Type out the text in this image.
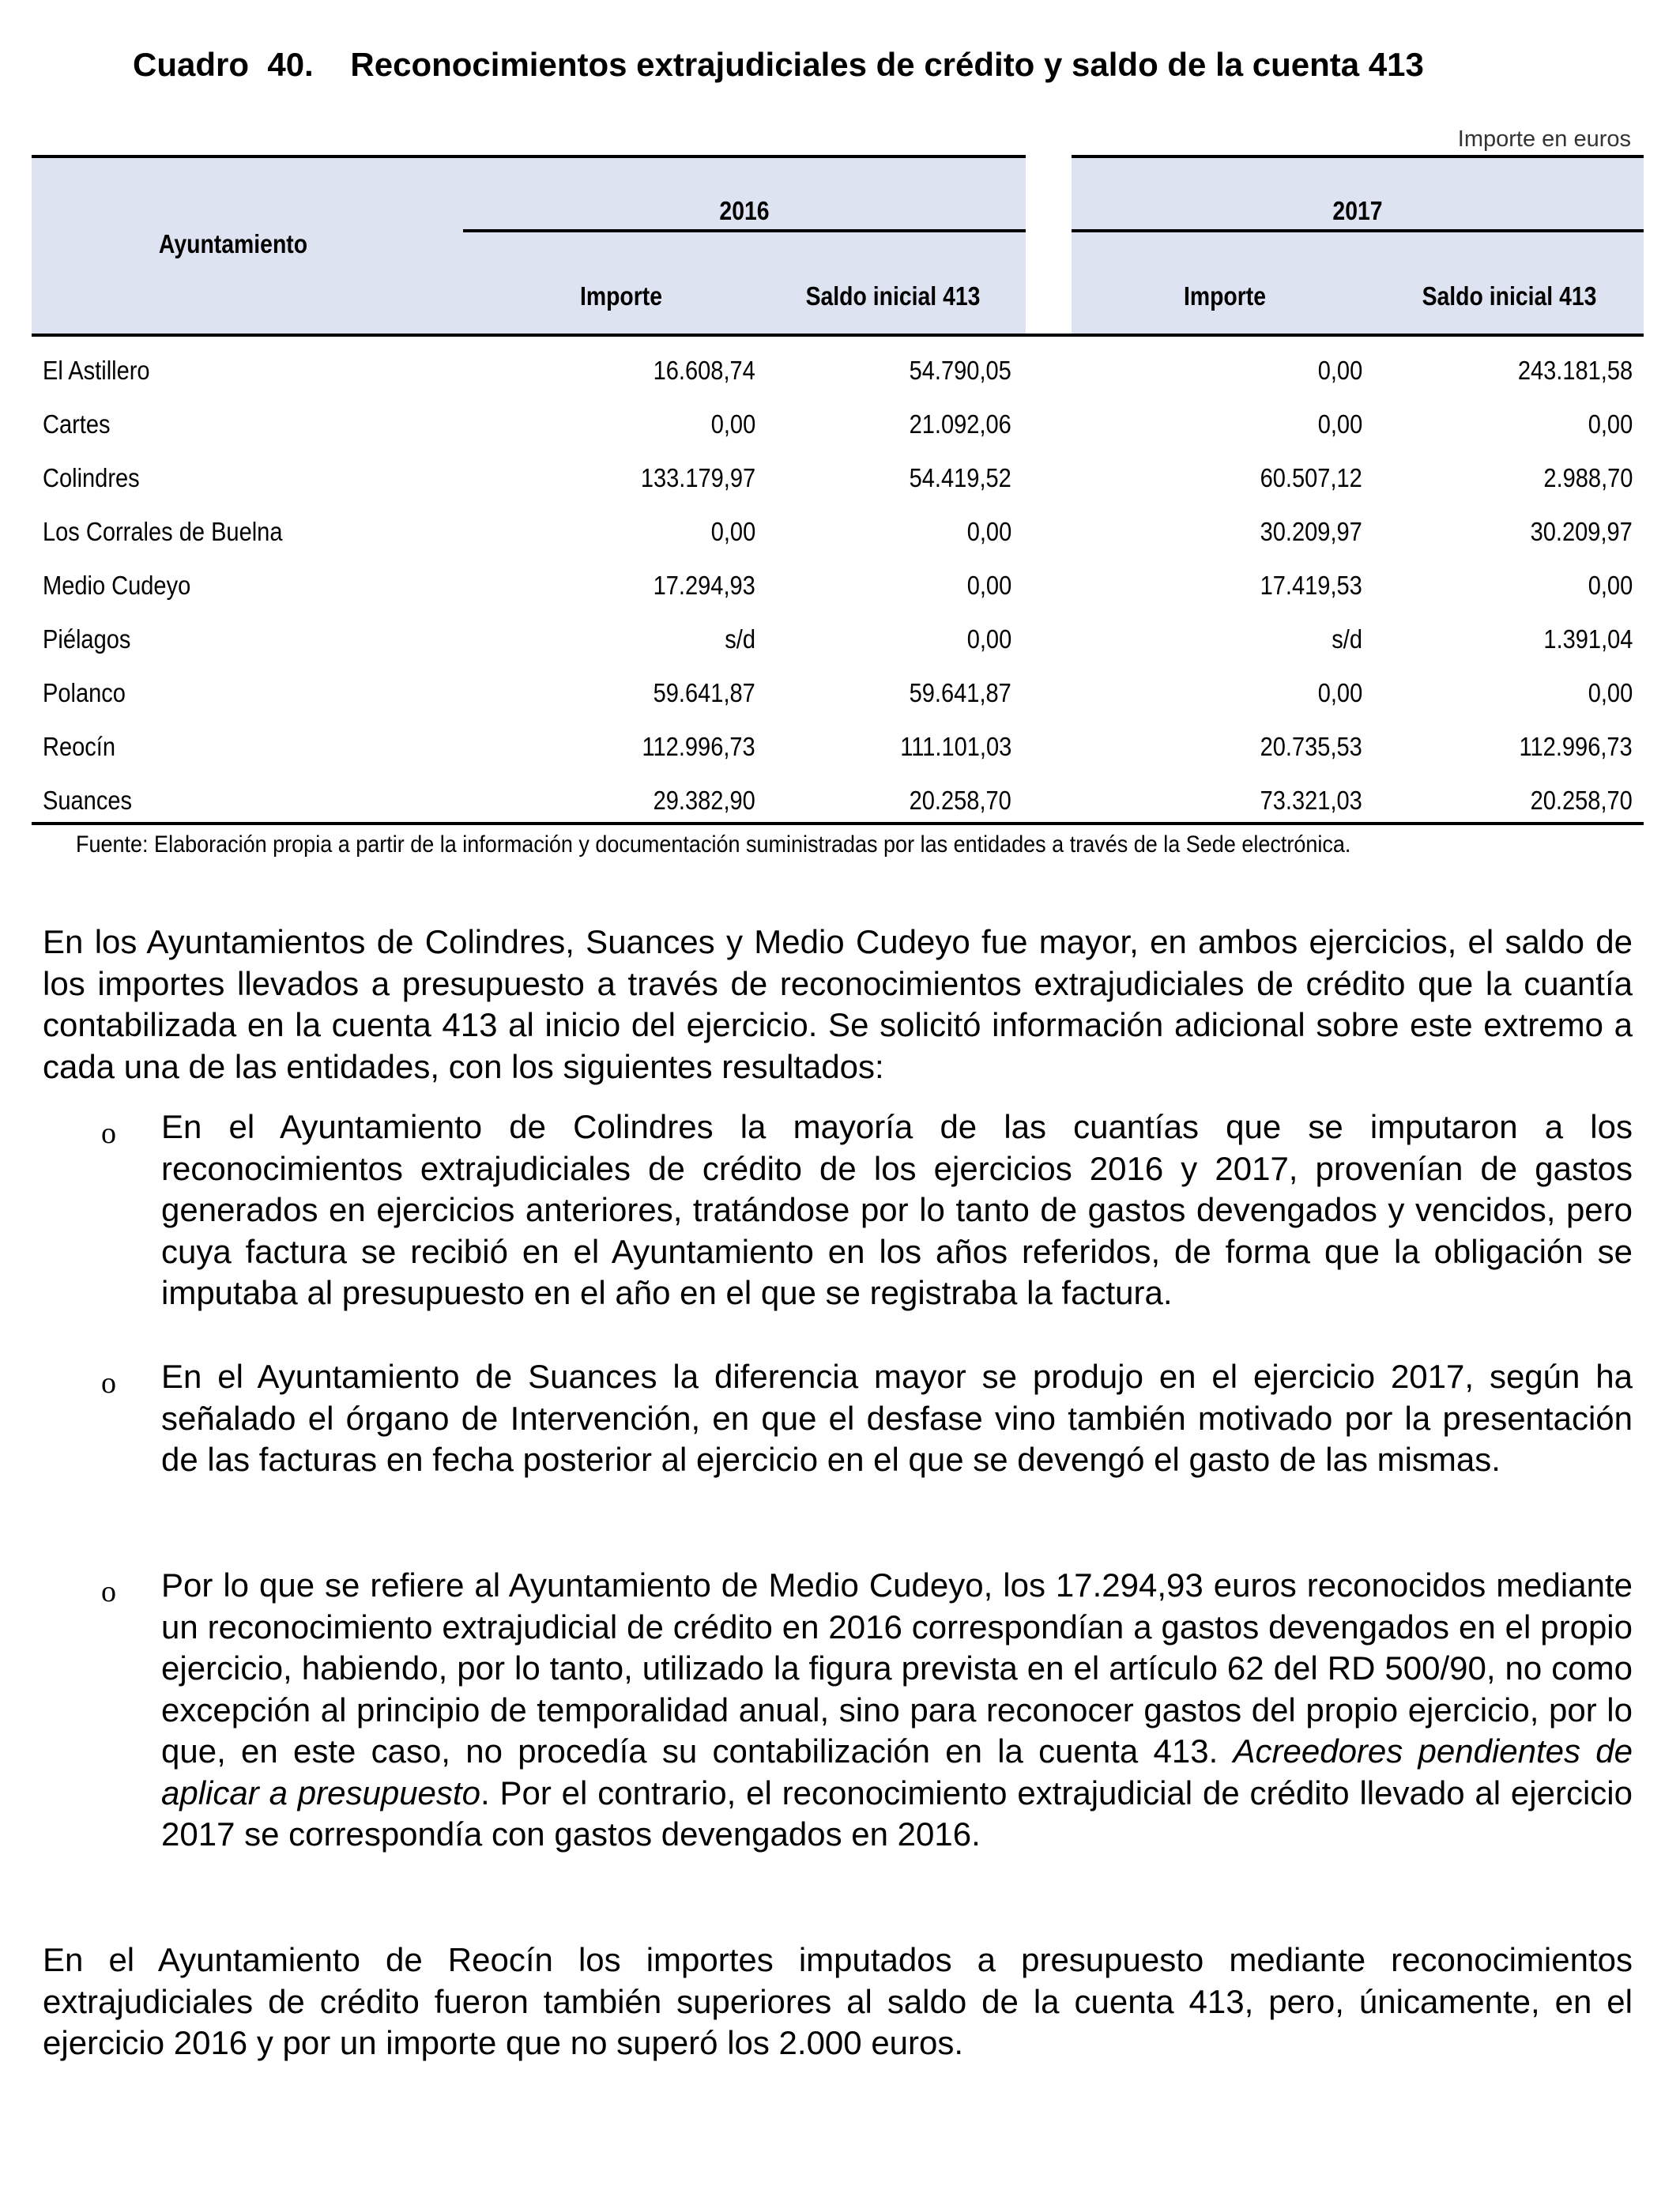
Cuadro  40.    Reconocimientos extrajudiciales de crédito y saldo de la cuenta 413
Importe en euros
Ayuntamiento
2016	2017
Importe	Saldo inicial 413	Importe	Saldo inicial 413
El Astillero	16.608,74	54.790,05	0,00	243.181,58
Cartes	0,00	21.092,06	0,00	0,00
Colindres	133.179,97	54.419,52	60.507,12	2.988,70
Los Corrales de Buelna	0,00	0,00	30.209,97	30.209,97
Medio Cudeyo	17.294,93	0,00	17.419,53	0,00
Piélagos	s/d	0,00	s/d	1.391,04
Polanco	59.641,87	59.641,87	0,00	0,00
Reocín	112.996,73	111.101,03	20.735,53	112.996,73
Suances	29.382,90	20.258,70	73.321,03	20.258,70
Fuente: Elaboración propia a partir de la información y documentación suministradas por las entidades a través de la Sede electrónica.
En los Ayuntamientos de Colindres, Suances y Medio Cudeyo fue mayor, en ambos ejercicios, el saldo de los importes llevados a presupuesto a través de reconocimientos extrajudiciales de crédito que la cuantía contabilizada en la cuenta 413 al inicio del ejercicio. Se solicitó información adicional sobre este extremo a cada una de las entidades, con los siguientes resultados:
o En el Ayuntamiento de Colindres la mayoría de las cuantías que se imputaron a los reconocimientos extrajudiciales de crédito de los ejercicios 2016 y 2017, provenían de gastos generados en ejercicios anteriores, tratándose por lo tanto de gastos devengados y vencidos, pero cuya factura se recibió en el Ayuntamiento en los años referidos, de forma que la obligación se imputaba al presupuesto en el año en el que se registraba la factura.
o En el Ayuntamiento de Suances la diferencia mayor se produjo en el ejercicio 2017, según ha señalado el órgano de Intervención, en que el desfase vino también motivado por la presentación de las facturas en fecha posterior al ejercicio en el que se devengó el gasto de las mismas.
o Por lo que se refiere al Ayuntamiento de Medio Cudeyo, los 17.294,93 euros reconocidos mediante un reconocimiento extrajudicial de crédito en 2016 correspondían a gastos devengados en el propio ejercicio, habiendo, por lo tanto, utilizado la figura prevista en el artículo 62 del RD 500/90, no como excepción al principio de temporalidad anual, sino para reconocer gastos del propio ejercicio, por lo que, en este caso, no procedía su contabilización en la cuenta 413. Acreedores pendientes de aplicar a presupuesto. Por el contrario, el reconocimiento extrajudicial de crédito llevado al ejercicio 2017 se correspondía con gastos devengados en 2016.
En el Ayuntamiento de Reocín los importes imputados a presupuesto mediante reconocimientos extrajudiciales de crédito fueron también superiores al saldo de la cuenta 413, pero, únicamente, en el ejercicio 2016 y por un importe que no superó los 2.000 euros.
